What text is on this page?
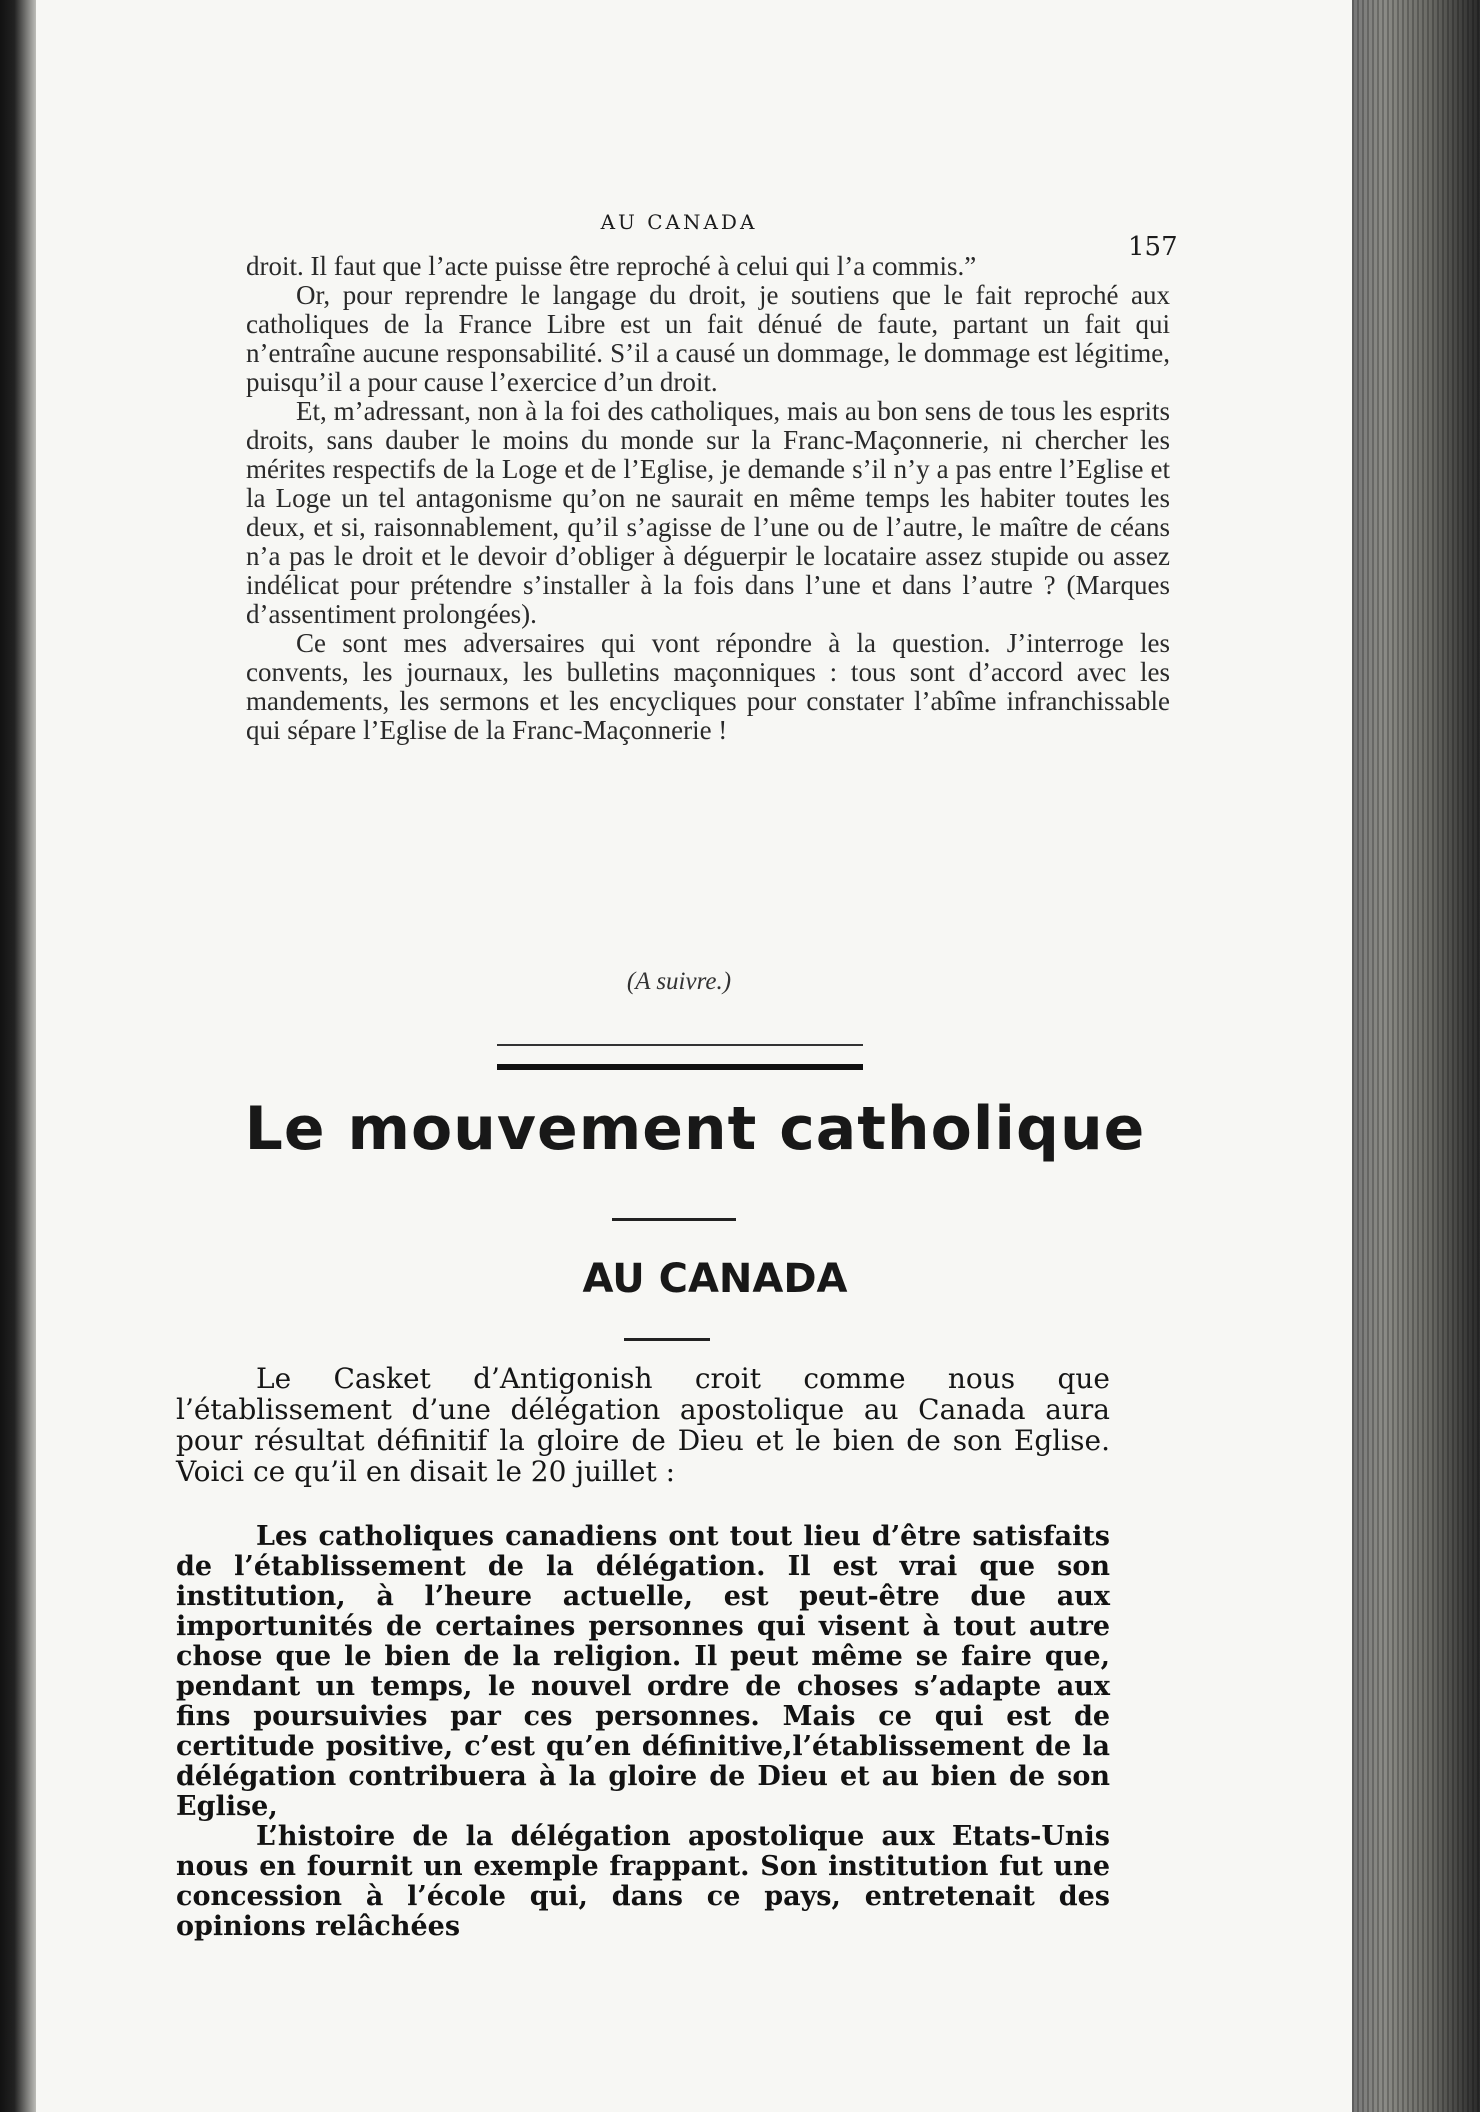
AU CANADA
157

droit. Il faut que l’acte puisse être reproché à celui qui l’a commis.”

Or, pour reprendre le langage du droit, je soutiens que le fait reproché aux catholiques de la France Libre est un fait dénué de faute, partant un fait qui n’entraîne aucune responsabilité. S’il a causé un dommage, le dommage est légitime, puisqu’il a pour cause l’exercice d’un droit.

Et, m’adressant, non à la foi des catholiques, mais au bon sens de tous les esprits droits, sans dauber le moins du monde sur la Franc-Maçonnerie, ni chercher les mérites respectifs de la Loge et de l’Eglise, je demande s’il n’y a pas entre l’Eglise et la Loge un tel antagonisme qu’on ne saurait en même temps les habiter toutes les deux, et si, raisonnablement, qu’il s’agisse de l’une ou de l’autre, le maître de céans n’a pas le droit et le devoir d’obliger à déguerpir le locataire assez stupide ou assez indélicat pour prétendre s’installer à la fois dans l’une et dans l’autre ? (Marques d’assentiment prolongées).

Ce sont mes adversaires qui vont répondre à la question. J’interroge les convents, les journaux, les bulletins maçonniques : tous sont d’accord avec les mandements, les sermons et les encycliques pour constater l’abîme infranchissable qui sépare l’Eglise de la Franc-Maçonnerie !

(A suivre.)
Le mouvement catholique
AU CANADA

Le Casket d’Antigonish croit comme nous que l’établissement d’une délégation apostolique au Canada aura pour résultat définitif la gloire de Dieu et le bien de son Eglise. Voici ce qu’il en disait le 20 juillet :

Les catholiques canadiens ont tout lieu d’être satisfaits de l’établissement de la délégation. Il est vrai que son institution, à l’heure actuelle, est peut-être due aux importunités de certaines personnes qui visent à tout autre chose que le bien de la religion. Il peut même se faire que, pendant un temps, le nouvel ordre de choses s’adapte aux fins poursuivies par ces personnes. Mais ce qui est de certitude positive, c’est qu’en définitive,l’établissement de la délégation contribuera à la gloire de Dieu et au bien de son Eglise,

L’histoire de la délégation apostolique aux Etats-Unis nous en fournit un exemple frappant. Son institution fut une concession à l’école qui, dans ce pays, entretenait des opinions relâchées
